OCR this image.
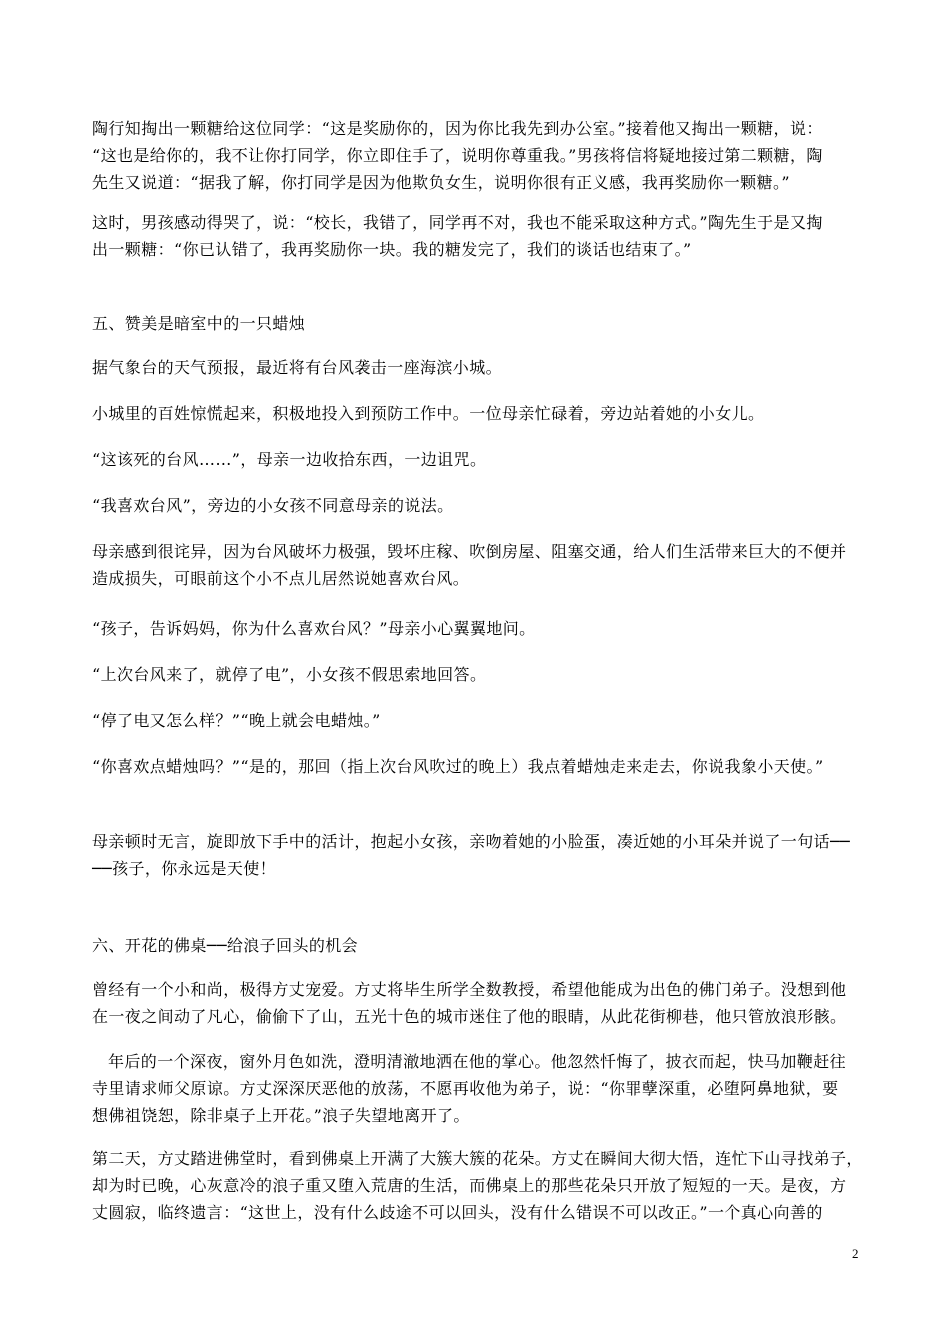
陶行知掏出一颗糖给这位同学：“这是奖励你的，因为你比我先到办公室。”接着他又掏出一颗糖，说：
“这也是给你的，我不让你打同学，你立即住手了，说明你尊重我。”男孩将信将疑地接过第二颗糖，陶
先生又说道：“据我了解，你打同学是因为他欺负女生，说明你很有正义感，我再奖励你一颗糖。”

这时，男孩感动得哭了，说：“校长，我错了，同学再不对，我也不能采取这种方式。”陶先生于是又掏
出一颗糖：“你已认错了，我再奖励你一块。我的糖发完了，我们的谈话也结束了。”

五、赞美是暗室中的一只蜡烛

据气象台的天气预报，最近将有台风袭击一座海滨小城。

小城里的百姓惊慌起来，积极地投入到预防工作中。一位母亲忙碌着，旁边站着她的小女儿。

“这该死的台风……”，母亲一边收拾东西，一边诅咒。

“我喜欢台风”，旁边的小女孩不同意母亲的说法。

母亲感到很诧异，因为台风破坏力极强，毁坏庄稼、吹倒房屋、阻塞交通，给人们生活带来巨大的不便并
造成损失，可眼前这个小不点儿居然说她喜欢台风。

“孩子，告诉妈妈，你为什么喜欢台风？”母亲小心翼翼地问。

“上次台风来了，就停了电”，小女孩不假思索地回答。

“停了电又怎么样？”“晚上就会电蜡烛。”

“你喜欢点蜡烛吗？”“是的，那回（指上次台风吹过的晚上）我点着蜡烛走来走去，你说我象小天使。”

母亲顿时无言，旋即放下手中的活计，抱起小女孩，亲吻着她的小脸蛋，凑近她的小耳朵并说了一句话──
──孩子，你永远是天使！

六、开花的佛桌──给浪子回头的机会

曾经有一个小和尚，极得方丈宠爱。方丈将毕生所学全数教授，希望他能成为出色的佛门弟子。没想到他
在一夜之间动了凡心，偷偷下了山，五光十色的城市迷住了他的眼睛，从此花街柳巷，他只管放浪形骸。

年后的一个深夜，窗外月色如洗，澄明清澈地洒在他的掌心。他忽然忏悔了，披衣而起，快马加鞭赶往
寺里请求师父原谅。方丈深深厌恶他的放荡，不愿再收他为弟子，说：“你罪孽深重，必堕阿鼻地狱，要
想佛祖饶恕，除非桌子上开花。”浪子失望地离开了。

第二天，方丈踏进佛堂时，看到佛桌上开满了大簇大簇的花朵。方丈在瞬间大彻大悟，连忙下山寻找弟子，
却为时已晚，心灰意冷的浪子重又堕入荒唐的生活，而佛桌上的那些花朵只开放了短短的一天。是夜，方
丈圆寂，临终遗言：“这世上，没有什么歧途不可以回头，没有什么错误不可以改正。”一个真心向善的

2
